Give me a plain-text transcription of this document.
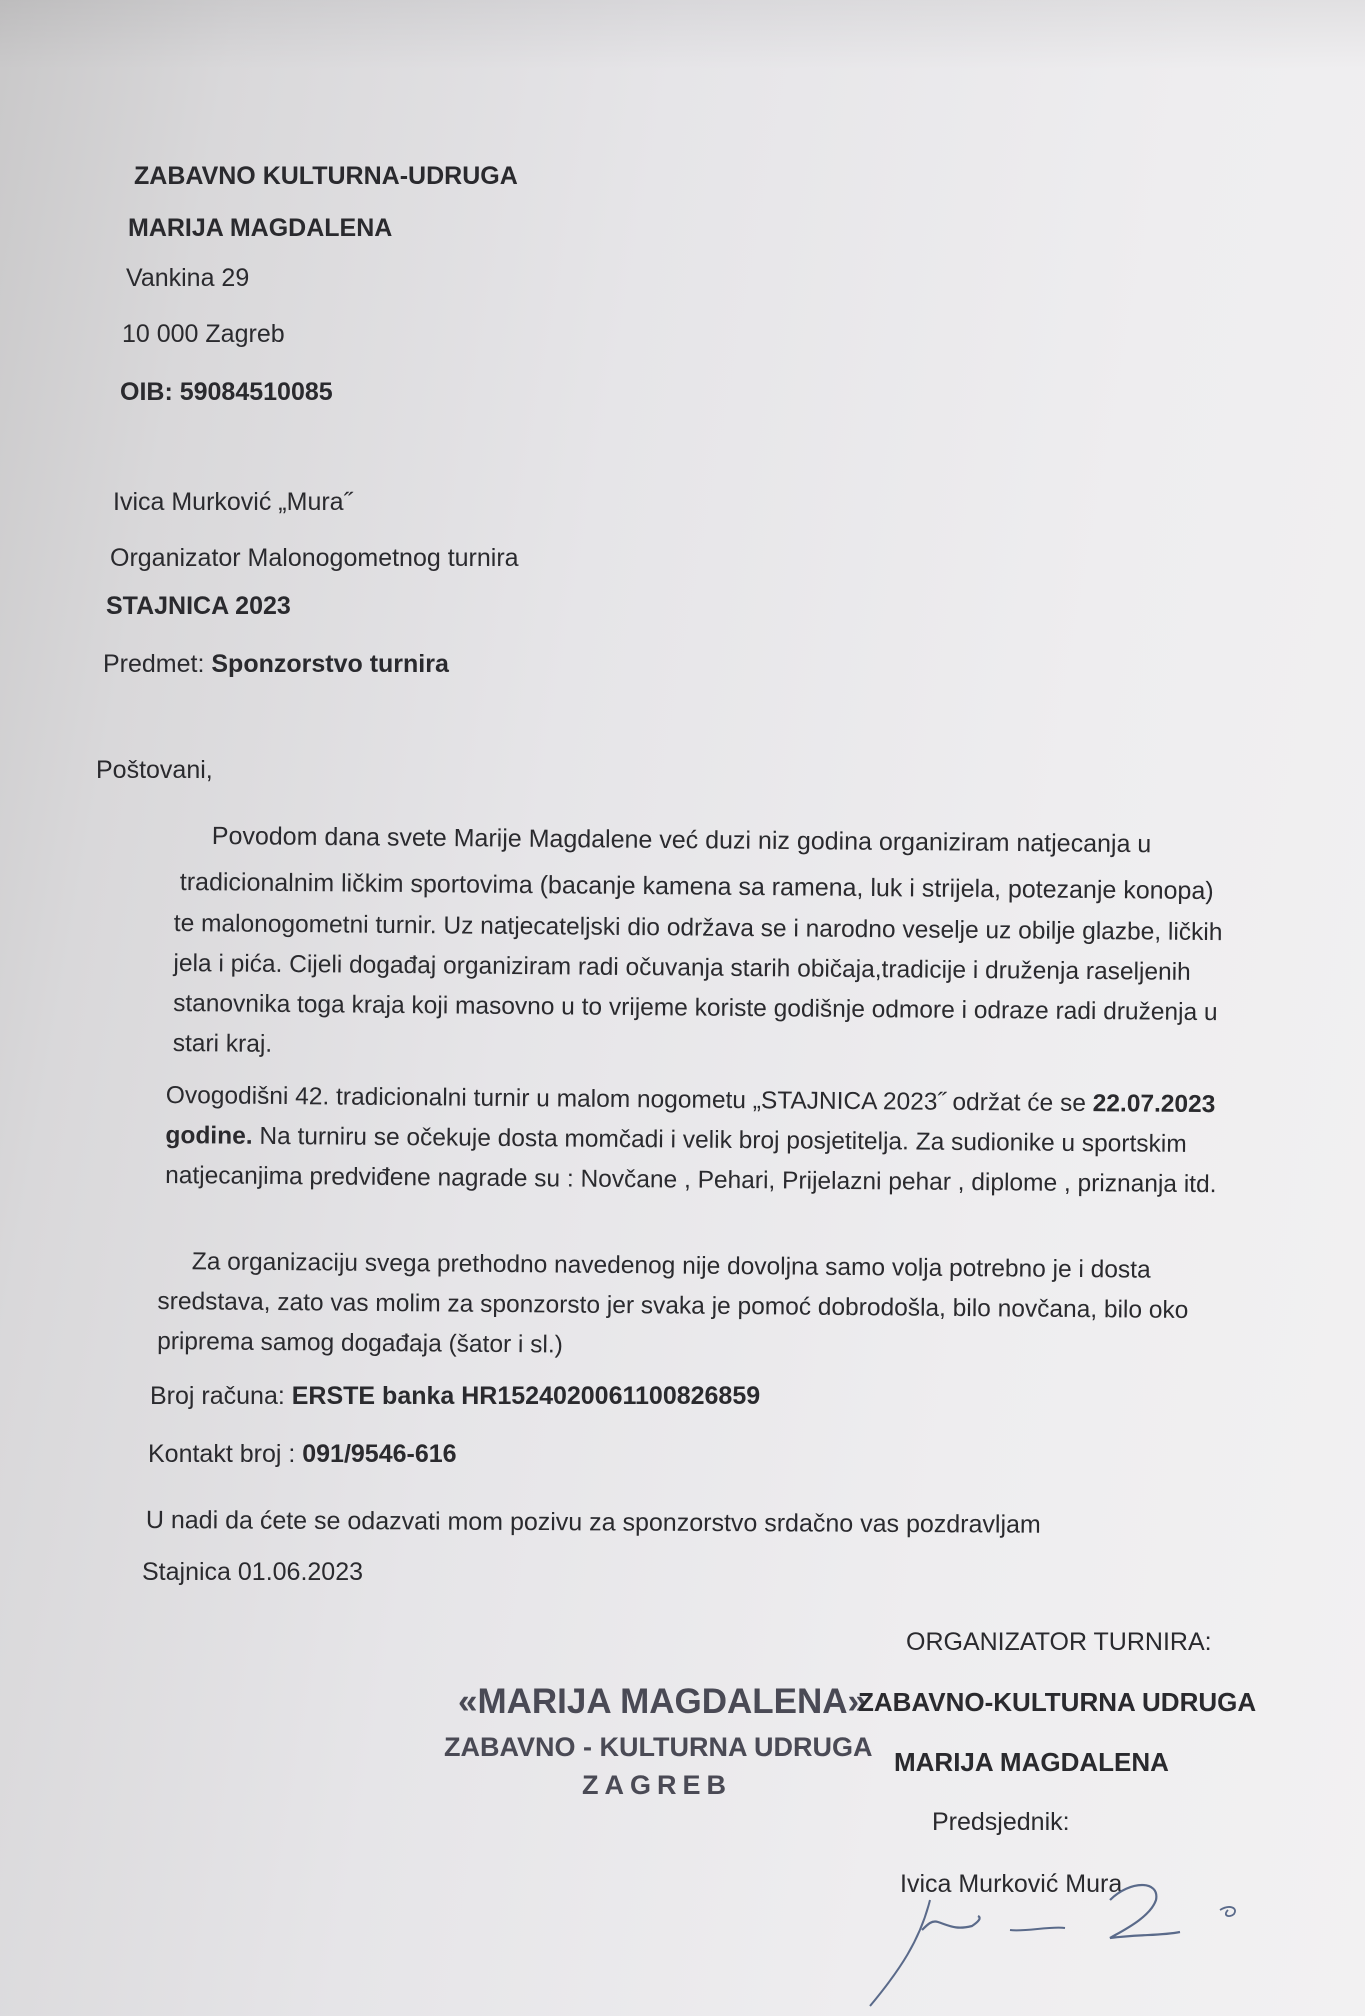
ZABAVNO KULTURNA-UDRUGA
MARIJA MAGDALENA
Vankina 29
10 000 Zagreb
OIB: 59084510085
Ivica Murković „Mura˝
Organizator Malonogometnog turnira
STAJNICA 2023
Predmet: Sponzorstvo turnira
Poštovani,
Povodom dana svete Marije Magdalene već duzi niz godina organiziram natjecanja u
tradicionalnim ličkim sportovima (bacanje kamena sa ramena, luk i strijela, potezanje konopa)
te malonogometni turnir. Uz natjecateljski dio održava se i narodno veselje uz obilje glazbe, ličkih jela i pića. Cijeli događaj organiziram radi očuvanja starih običaja,tradicije i druženja raseljenih stanovnika toga kraja koji masovno u to vrijeme koriste godišnje odmore i odraze radi druženja u stari kraj.
Ovogodišni 42. tradicionalni turnir u malom nogometu „STAJNICA 2023˝ održat će se 22.07.2023 godine. Na turniru se očekuje dosta momčadi i velik broj posjetitelja. Za sudionike u sportskim natjecanjima predviđene nagrade su : Novčane , Pehari, Prijelazni pehar , diplome , priznanja itd.
Za organizaciju svega prethodno navedenog nije dovoljna samo volja potrebno je i dosta sredstava, zato vas molim za sponzorsto jer svaka je pomoć dobrodošla, bilo novčana, bilo oko priprema samog događaja (šator i sl.)
Broj računa: ERSTE banka HR1524020061100826859
Kontakt broj : 091/9546-616
U nadi da ćete se odazvati mom pozivu za sponzorstvo srdačno vas pozdravljam
Stajnica 01.06.2023
ORGANIZATOR TURNIRA:
«MARIJA MAGDALENA»
ZABAVNO-KULTURNA UDRUGA
ZABAVNO - KULTURNA UDRUGA MARIJA MAGDALENA
ZAGREB
Predsjednik:
Ivica Murković Mura
